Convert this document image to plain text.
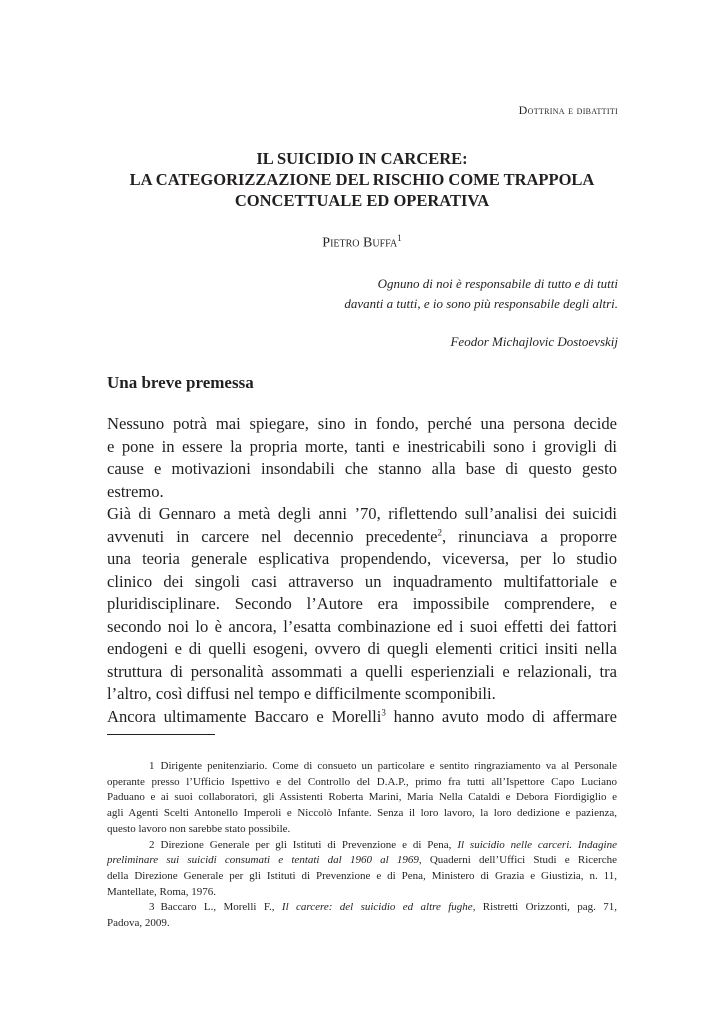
Dottrina e dibattiti
IL SUICIDIO IN CARCERE:
LA CATEGORIZZAZIONE DEL RISCHIO COME TRAPPOLA
CONCETTUALE ED OPERATIVA
Pietro Buffa$^1$
Ognuno di noi è responsabile di tutto e di tutti
davanti a tutti, e io sono più responsabile degli altri.
Feodor Michajlovic Dostoevskij
Una breve premessa
Nessuno potrà mai spiegare, sino in fondo, perché una persona decide
e pone in essere la propria morte, tanti e inestricabili sono i grovigli di
cause e motivazioni insondabili che stanno alla base di questo gesto
estremo.
Già di Gennaro a metà degli anni ’70, riflettendo sull’analisi dei suicidi
avvenuti in carcere nel decennio precedente$^2$, rinunciava a proporre
una teoria generale esplicativa propendendo, viceversa, per lo studio
clinico dei singoli casi attraverso un inquadramento multifattoriale e
pluridisciplinare. Secondo l’Autore era impossibile comprendere, e
secondo noi lo è ancora, l’esatta combinazione ed i suoi effetti dei fattori
endogeni e di quelli esogeni, ovvero di quegli elementi critici insiti nella
struttura di personalità assommati a quelli esperienziali e relazionali, tra
l’altro, così diffusi nel tempo e difficilmente scomponibili.
Ancora ultimamente Baccaro e Morelli$^3$ hanno avuto modo di affermare
1 Dirigente penitenziario. Come di consueto un particolare e sentito ringraziamento va al Personale
operante presso l’Ufficio Ispettivo e del Controllo del D.A.P., primo fra tutti all’Ispettore Capo Luciano
Paduano e ai suoi collaboratori, gli Assistenti Roberta Marini, Maria Nella Cataldi e Debora Fiordigiglio e
agli Agenti Scelti Antonello Imperoli e Niccolò Infante. Senza il loro lavoro, la loro dedizione e pazienza,
questo lavoro non sarebbe stato possibile.
2 Direzione Generale per gli Istituti di Prevenzione e di Pena, Il suicidio nelle carceri. Indagine
preliminare sui suicidi consumati e tentati dal 1960 al 1969, Quaderni dell’Uffici Studi e Ricerche
della Direzione Generale per gli Istituti di Prevenzione e di Pena, Ministero di Grazia e Giustizia, n. 11,
Mantellate, Roma, 1976.
3 Baccaro L., Morelli F., Il carcere: del suicidio ed altre fughe, Ristretti Orizzonti, pag. 71,
Padova, 2009.
